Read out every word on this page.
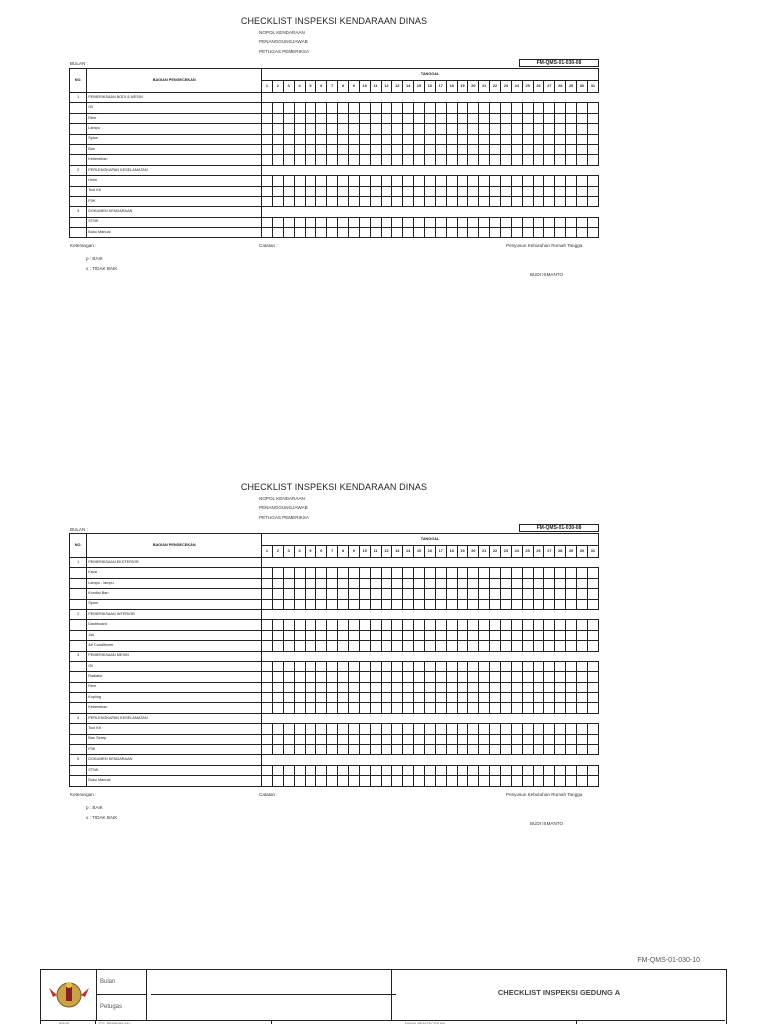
CHECKLIST INSPEKSI KENDARAAN DINAS
NOPOL KENDARAAN
PENANGGUNGJAWAB
PETUGAS PEMERIKSA
BULAN :	FM-QMS-01-030-08
NO.	BAGIAN PENGECEKAN	TANGGAL																														
		1	2	3	4	5	6	7	8	9	10	11	12	13	14	15	16	17	18	19	20	21	22	23	24	25	26	27	28	29	30	31
1	PEMERIKSAAN BODI & MESIN																															
	Oli																															
	Rem																															
	Lampu																															
	Spion																															
	Ban																															
	Kebersihan																															
2	PERLENGKAPAN KESELAMATAN																															
	Helm																															
	Tool Kit																															
	P3K																															
3	DOKUMEN KENDARAAN																															
	STNK																															
	Buku Manual																															
Keterangan :	Catatan :	Penyusun Kebutuhan Rumah Tangga
p : BAIK
x : TIDAK BAIK
BUDI ISMANTO
CHECKLIST INSPEKSI KENDARAAN DINAS
NOPOL KENDARAAN
PENANGGUNGJAWAB
PETUGAS PEMERIKSA
BULAN :	FM-QMS-01-030-08
NO.	BAGIAN PENGECEKAN	TANGGAL																														
		1	2	3	4	5	6	7	8	9	10	11	12	13	14	15	16	17	18	19	20	21	22	23	24	25	26	27	28	29	30	31
1	PEMERIKSAAN EKSTERIOR																															
	Kaca																															
	Lampu - lampu																															
	Kondisi Ban																															
	Spion																															
2	PEMERIKSAAN INTERIOR																															
	Dashboard																															
	Jok																															
	Air Conditioner																															
3	PEMERIKSAAN MESIN																															
	Oli																															
	Radiator																															
	Rem																															
	Kopling																															
	Kebersihan																															
4	PERLENGKAPAN KESELAMATAN																															
	Tool Kit																															
	Ban Serep																															
	P3K																															
5	DOKUMEN KENDARAAN																															
	STNK																															
	Buku Manual																															
Keterangan :	Catatan :	Penyusun Kebutuhan Rumah Tangga
p : BAIK
x : TIDAK BAIK
BUDI ISMANTO
FM-QMS-01-030-10
Bulan
Petugas
CHECKLIST INSPEKSI GEDUNG A
JENIS	TGL PERBAIKAN	NAMA PENGECEKAN
